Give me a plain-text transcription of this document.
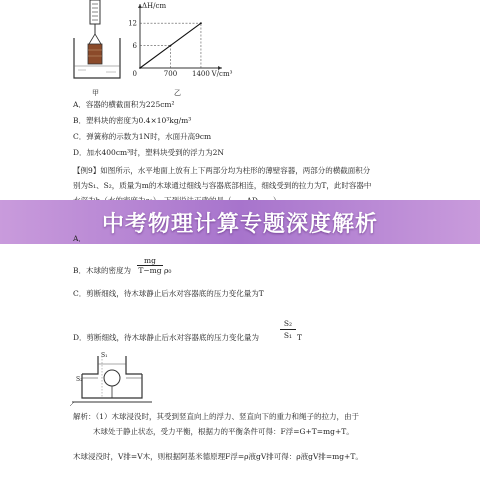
甲
12
6
0	700 1400
ΔH/cm
V/cm³
乙
A．容器的横截面积为225cm²
B．塑料块的密度为0.4×10³kg/m³
C．弹簧称的示数为1N时，水面升高9cm
D．加水400cm³时，塑料块受到的浮力为2N
【例9】如图所示，水平地面上放有上下两部分均为柱形的薄壁容器，两部分的横截面积分
别为S₁、S₂，质量为m的木球通过细线与容器底部相连，细线受到的拉力为T，此时容器中
中考物理计算专题深度解析
A．
B．木球的密度为 $\frac{mg}{T-mg} \rho_0$
C．剪断细线，待木球静止后水对容器底的压力变化量为T
D．剪断细线，待木球静止后水对容器底的压力变化量为	$\frac{\text{S₂}}{\text{S₁}}$ T
S₁
S₂
解析：（1）木球浸没时，其受到竖直向上的浮力、竖直向下的重力和绳子的拉力，由于
木球处于静止状态，受力平衡，根据力的平衡条件可得：F浮=G+T=mg+T。
木球浸没时，V排=V木，则根据阿基米德原理F浮=ρ液gV排可得：ρ液gV排=mg+T。
